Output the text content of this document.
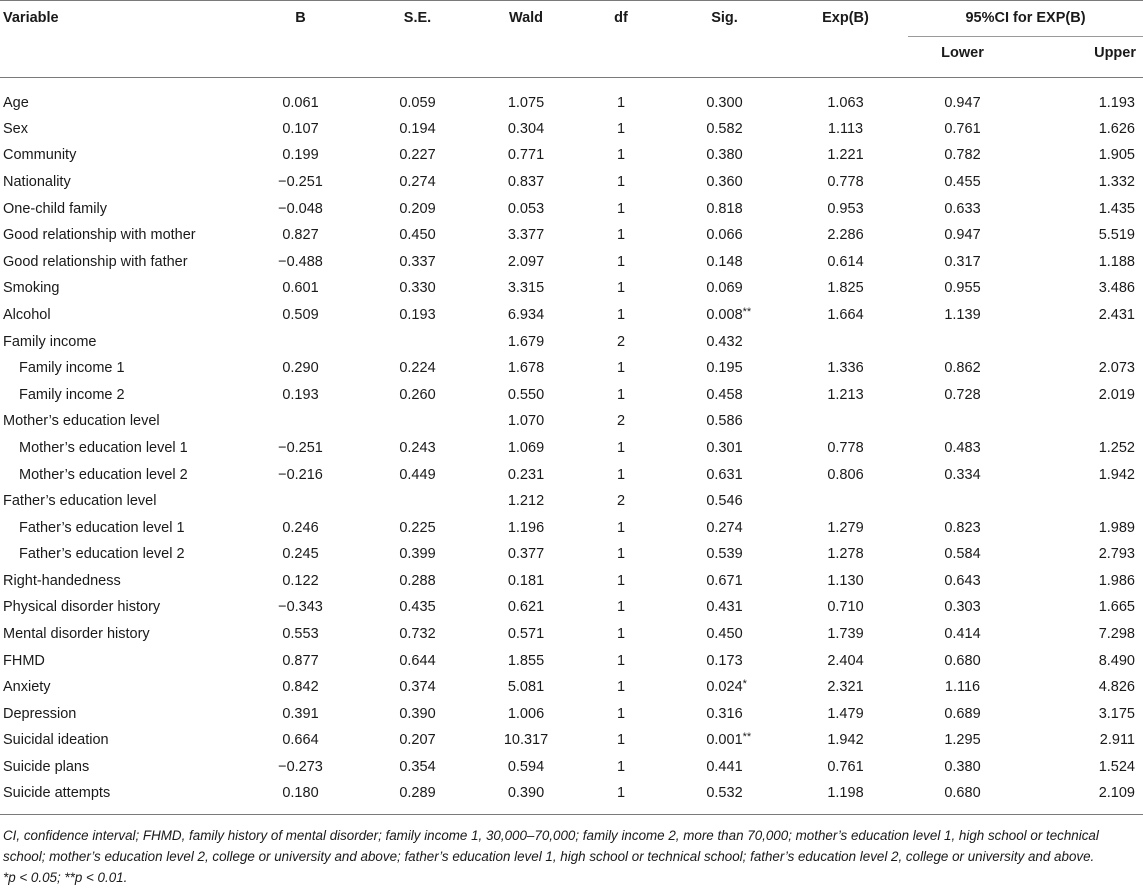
Variable	B	S.E.	Wald	df	Sig.	Exp(B)	95%CI for EXP(B)	
							Lower	Upper
Age	0.061	0.059	1.075	1	0.300	1.063	0.947	1.193
Sex	0.107	0.194	0.304	1	0.582	1.113	0.761	1.626
Community	0.199	0.227	0.771	1	0.380	1.221	0.782	1.905
Nationality	−0.251	0.274	0.837	1	0.360	0.778	0.455	1.332
One-child family	−0.048	0.209	0.053	1	0.818	0.953	0.633	1.435
Good relationship with mother	0.827	0.450	3.377	1	0.066	2.286	0.947	5.519
Good relationship with father	−0.488	0.337	2.097	1	0.148	0.614	0.317	1.188
Smoking	0.601	0.330	3.315	1	0.069	1.825	0.955	3.486
Alcohol	0.509	0.193	6.934	1	0.008 **	1.664	1.139	2.431
Family income			1.679	2	0.432

Family income 1	0.290	0.224	1.678	1	0.195	1.336	0.862	2.073
Family income 2	0.193	0.260	0.550	1	0.458	1.213	0.728	2.019
Mother’s education level			1.070	2	0.586

Mother’s education level 1	−0.251	0.243	1.069	1	0.301	0.778	0.483	1.252
Mother’s education level 2	−0.216	0.449	0.231	1	0.631	0.806	0.334	1.942
Father’s education level			1.212	2	0.546

Father’s education level 1	0.246	0.225	1.196	1	0.274	1.279	0.823	1.989
Father’s education level 2	0.245	0.399	0.377	1	0.539	1.278	0.584	2.793
Right-handedness	0.122	0.288	0.181	1	0.671	1.130	0.643	1.986
Physical disorder history	−0.343	0.435	0.621	1	0.431	0.710	0.303	1.665
Mental disorder history	0.553	0.732	0.571	1	0.450	1.739	0.414	7.298
FHMD	0.877	0.644	1.855	1	0.173	2.404	0.680	8.490
Anxiety	0.842	0.374	5.081	1	0.024 *	2.321	1.116	4.826
Depression	0.391	0.390	1.006	1	0.316	1.479	0.689	3.175
Suicidal ideation	0.664	0.207	10.317	1	0.001 **	1.942	1.295	2.911
Suicide plans	−0.273	0.354	0.594	1	0.441	0.761	0.380	1.524
Suicide attempts	0.180	0.289	0.390	1	0.532	1.198	0.680	2.109
CI, confidence interval; FHMD, family history of mental disorder; family income 1, 30,000–70,000; family income 2, more than 70,000; mother’s education level 1, high school or technical
school; mother’s education level 2, college or university and above; father’s education level 1, high school or technical school; father’s education level 2, college or university and above.
*p < 0.05; **p < 0.01.
